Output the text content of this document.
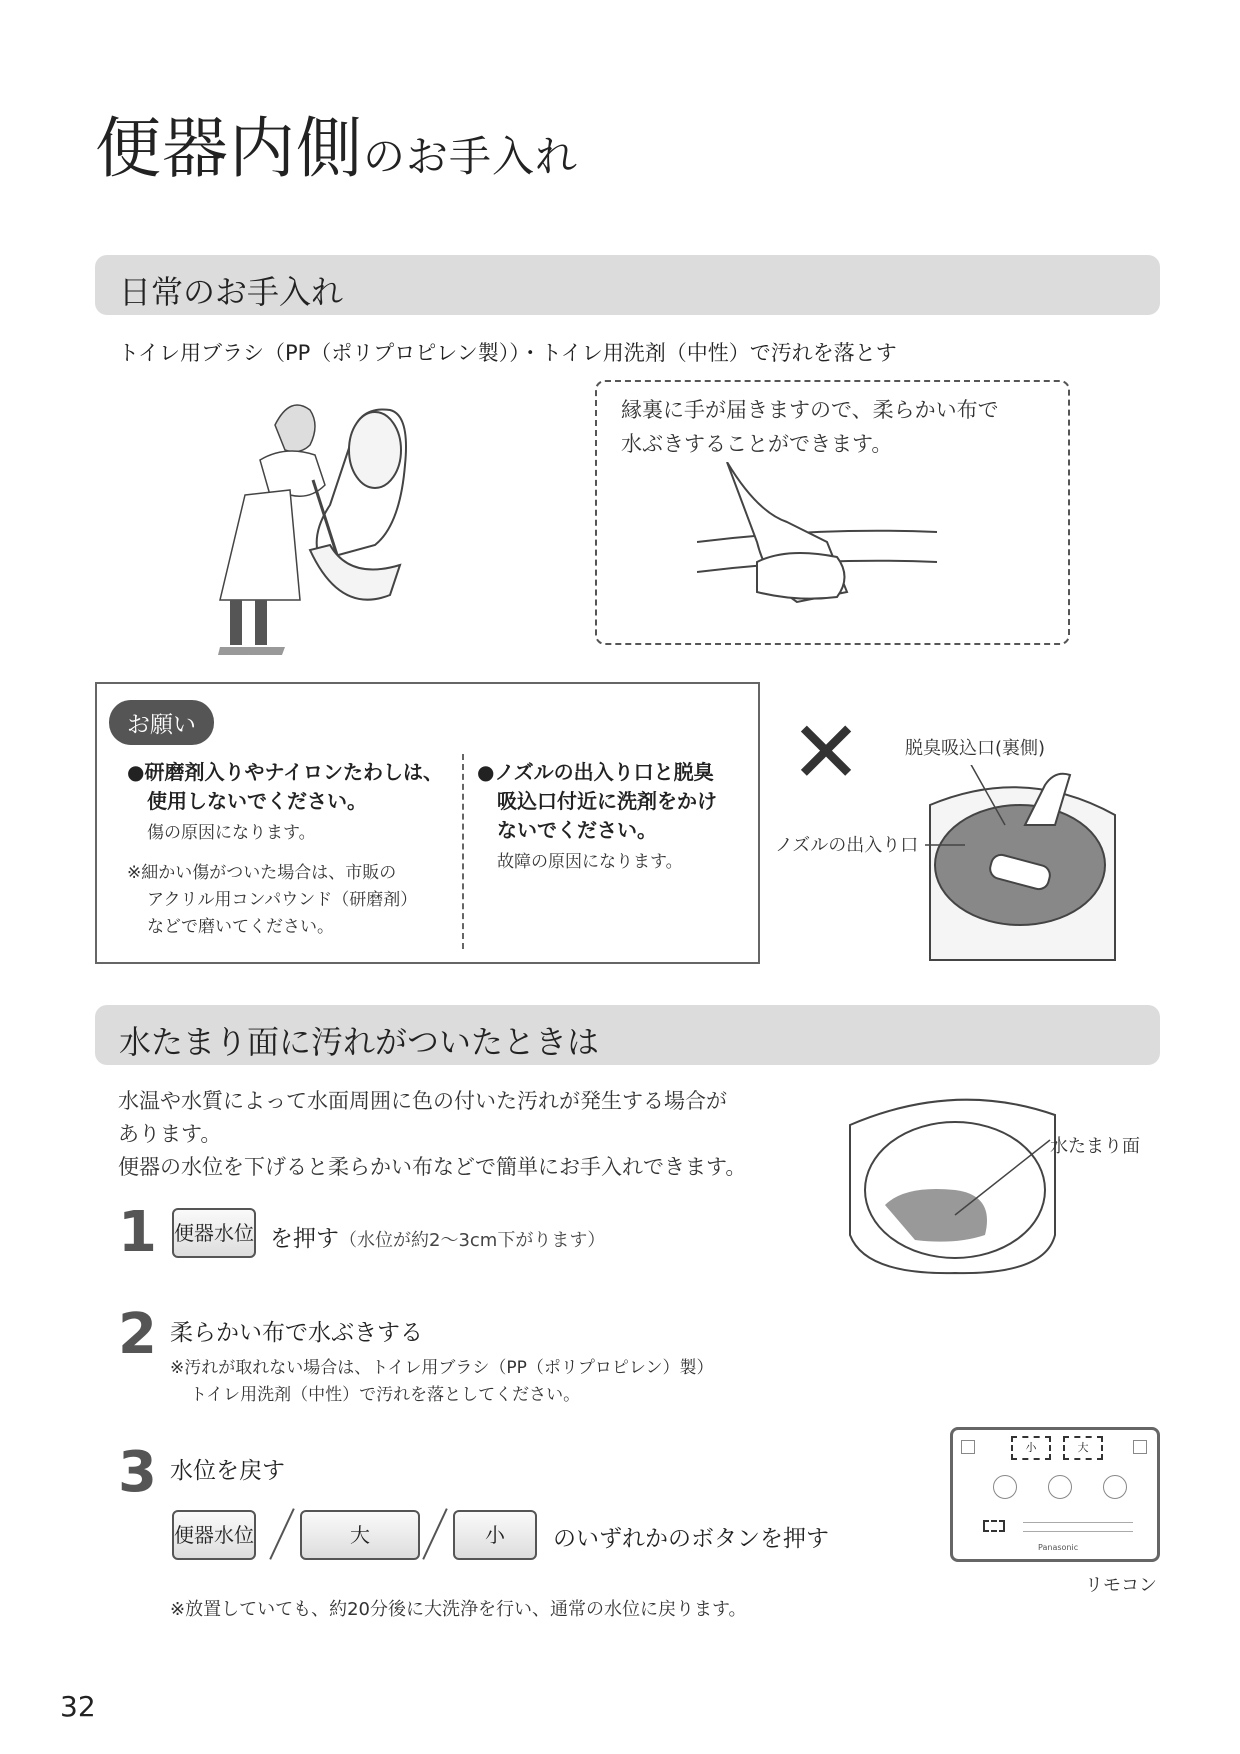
便器内側のお手入れ
日常のお手入れ
トイレ用ブラシ（PP（ポリプロピレン製））・トイレ用洗剤（中性）で汚れを落とす
縁裏に手が届きますので、柔らかい布で
水ぶきすることができます。
お願い
●研磨剤入りやナイロンたわしは、
使用しないでください。
傷の原因になります。
※細かい傷がついた場合は、市販の
アクリル用コンパウンド（研磨剤）
などで磨いてください。
●ノズルの出入り口と脱臭
吸込口付近に洗剤をかけ
ないでください。
故障の原因になります。
✕ 脱臭吸込口(裏側)
ノズルの出入り口
水たまり面に汚れがついたときは
水温や水質によって水面周囲に色の付いた汚れが発生する場合が
あります。
便器の水位を下げると柔らかい布などで簡単にお手入れできます。
水たまり面
1 便器水位 を押す（水位が約2〜3cm下がります）
2 柔らかい布で水ぶきする
※汚れが取れない場合は、トイレ用ブラシ（PP（ポリプロピレン）製）
トイレ用洗剤（中性）で汚れを落としてください。
3 水位を戻す
便器水位	大	小	のいずれかのボタンを押す
※放置していても、約20分後に大洗浄を行い、通常の水位に戻ります。
小	大
Panasonic
リモコン
32
